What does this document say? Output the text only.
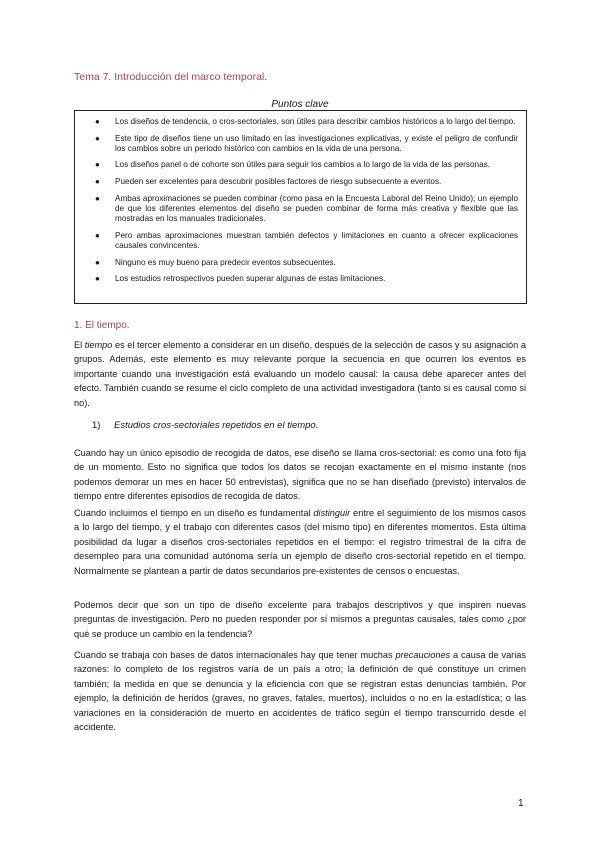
Tema 7. Introducción del marco temporal.
Puntos clave
● Los diseños de tendencia, o cros-sectoriales, son útiles para describir cambios históricos a lo largo del tiempo.
● Este tipo de diseños tiene un uso limitado en las investigaciones explicativas, y existe el peligro de confundir los cambios sobre un periodo histórico con cambios en la vida de una persona.
● Los diseños panel o de cohorte son útiles para seguir los cambios a lo largo de la vida de las personas.
● Pueden ser excelentes para descubrir posibles factores de riesgo subsecuente a eventos.
● Ambas aproximaciones se pueden combinar (como pasa en la Encuesta Laboral del Reino Unido); un ejemplo de que los diferentes elementos del diseño se pueden combinar de forma más creativa y flexible que las mostradas en los manuales tradicionales.
● Pero ambas aproximaciones muestran también defectos y limitaciones en cuanto a ofrecer explicaciones causales convincentes.
● Ninguno es muy bueno para predecir eventos subsecuentes.
● Los estudios retrospectivos pueden superar algunas de estas limitaciones.
1. El tiempo.
El tiempo es el tercer elemento a considerar en un diseño, después de la selección de casos y su asignación a grupos. Además, este elemento es muy relevante porque la secuencia en que ocurren los eventos es importante cuando una investigación está evaluando un modelo causal: la causa debe aparecer antes del efecto. También cuando se resume el ciclo completo de una actividad investigadora (tanto si es causal como si no).
1) Estudios cros-sectoriales repetidos en el tiempo.
Cuando hay un único episodio de recogida de datos, ese diseño se llama cros-sectorial: es como una foto fija de un momento. Esto no significa que todos los datos se recojan exactamente en el mismo instante (nos podemos demorar un mes en hacer 50 entrevistas), significa que no se han diseñado (previsto) intervalos de tiempo entre diferentes episodios de recogida de datos.
Cuando incluimos el tiempo en un diseño es fundamental distinguir entre el seguimiento de los mismos casos a lo largo del tiempo, y el trabajo con diferentes casos (del mismo tipo) en diferentes momentos. Esta última posibilidad da lugar a diseños cros-sectoriales repetidos en el tiempo: el registro trimestral de la cifra de desempleo para una comunidad autónoma sería un ejemplo de diseño cros-sectorial repetido en el tiempo. Normalmente se plantean a partir de datos secundarios pre-existentes de censos o encuestas.
Podemos decir que son un tipo de diseño excelente para trabajos descriptivos y que inspiren nuevas preguntas de investigación. Pero no pueden responder por sí mismos a preguntas causales, tales como ¿por qué se produce un cambio en la tendencia?
Cuando se trabaja con bases de datos internacionales hay que tener muchas precauciones a causa de varias razones: lo completo de los registros varía de un país a otro; la definición de qué constituye un crimen también; la medida en que se denuncia y la eficiencia con que se registran estas denuncias también. Por ejemplo, la definición de heridos (graves, no graves, fatales, muertos), incluidos o no en la estadística; o las variaciones en la consideración de muerto en accidentes de tráfico según el tiempo transcurrido desde el accidente.
1
